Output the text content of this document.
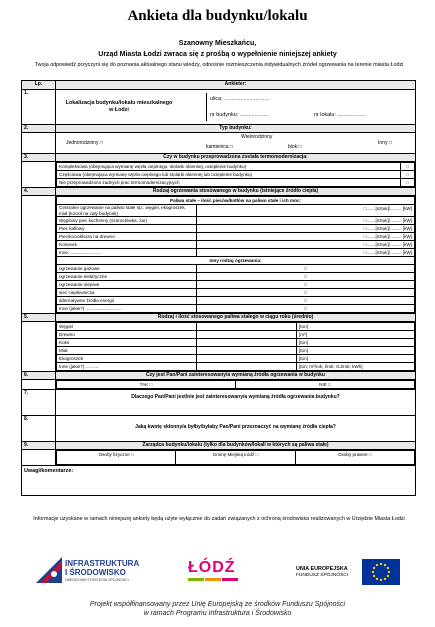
Ankieta dla budynku/lokalu
Szanowny Mieszkańcu,
Urząd Miasta Łodzi zwraca się z prośbą o wypełnienie niniejszej ankiety
Twoja odpowiedź przyczyni się do poznania aktualnego stanu wiedzy, odnośnie rozmieszczenia indywidualnych źródeł ogrzewania na terenie miasta Łodzi
Lp.	Ankieter:
1.	
Lokalizacja budynku/lokalu mieszkalnego w Łodzi
ulica: ..............................
nr budynku: ...................	nr lokalu: ...................

2.	Typ budynku:

Jednorodzinny □
Wielorodzinny
kamienica □	blok □
Inny □

3.	Czy w budynku przeprowadzona została termomodernizacja:

Kompleksowa (obejmująca wymianę węzła cieplnego, stolarki okiennej, ocieplenie budynku)	□
Częściowa (obejmująca wymianę węzła cieplnego lub stolarki okiennej lub ocieplenie budynku)	□
Nie przeprowadzono żadnych prac termomodernizacyjnych	□

4.	Rodzaj ogrzewania stosowanego w budynku (istniejące źródło ciepła)

Paliwa stałe – ilość pieców/kotłów na paliwo stałe i ich moc:
Centralne ogrzewanie na paliwo stałe np.: węgiel, ekogroszek, miał (kocioł na cały budynek)	□.......[sztuk]/......... [kW]
Węglowy piec kuchenny (szamotówka, żar)	□.......[sztuk]/......... [kW]
Piec kaflowy	□.......[sztuk]/......... [kW]
Piec/kocioł/koza na drewno	□.......[sztuk]/......... [kW]
Kominek	□.......[sztuk]/......... [kW]
Inne..........................	□.......[sztuk]/......... [kW]
Inny rodzaj ogrzewania:
ogrzewanie gazowe	□
ogrzewanie elektryczne	□
ogrzewanie olejowe	□
sieć ciepłownicza	□
alternatywne źródła energii	□
Inne (jakie?) ............................	□

5.	Rodzaj i ilość stosowanego paliwa stałego w ciągu roku (średnio)

Węgiel		[ton]
Drewno		[m³]
Koks		[ton]
Miał		[ton]
Ekogroszek		[ton]
Inne (jakie?) ..........		[ton; m³/rok; l/rok; GJ/rok; kWh]

6.	Czy jest Pan/Pani zainteresowany/a wymianą źródła ogrzewania w budynku

TAK □	NIE □

7.	Dlaczego Pan/Pani jest/nie jest zainteresowany/a wymianą źródła ogrzewania budynku?
8.	Jaką kwotę skłonny/a byłby/byłaby Pan/Pani przeznaczyć na wymianę źródła ciepła?
9.	Zarządca budynku/lokalu (tylko dla budynków/lokali w których są paliwa stałe)

Osoby fizyczne □	Gminę Miejską Łódź □	Osoby prawne □

Uwagi/komentarze:
Informacje uzyskane w ramach niniejszej ankiety będą użyte wyłącznie do zadań związanych z ochroną środowiska realizowanych w Urzędzie Miasta Łodzi
INFRASTRUKTURA
I ŚRODOWISKO
NARODOWA STRATEGIA SPÓJNOŚCI
ŁÓDŹ	UNIA EUROPEJSKA
FUNDUSZ SPÓJNOŚCI
Projekt współfinansowany przez Unię Europejską ze środków Funduszu Spójności
w ramach Programu Infrastruktura i Środowisko
